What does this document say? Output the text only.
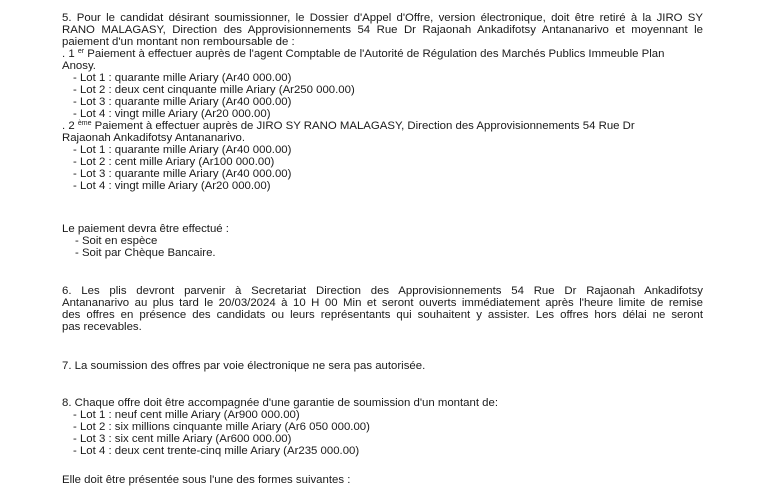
5. Pour le candidat désirant soumissionner, le Dossier d'Appel d'Offre, version électronique, doit être retiré à la JIRO SY
RANO MALAGASY, Direction des Approvisionnements 54 Rue Dr Rajaonah Ankadifotsy Antananarivo et moyennant le
paiement d'un montant non remboursable de :
. 1 $^{er}$ Paiement à effectuer auprès de l'agent Comptable de l'Autorité de Régulation des Marchés Publics Immeuble Plan
Anosy.
- Lot 1 : quarante mille Ariary (Ar40 000.00)
- Lot 2 : deux cent cinquante mille Ariary (Ar250 000.00)
- Lot 3 : quarante mille Ariary (Ar40 000.00)
- Lot 4 : vingt mille Ariary (Ar20 000.00)
. 2 $^{ème}$ Paiement à effectuer auprès de JIRO SY RANO MALAGASY, Direction des Approvisionnements 54 Rue Dr
Rajaonah Ankadifotsy Antananarivo.
- Lot 1 : quarante mille Ariary (Ar40 000.00)
- Lot 2 : cent mille Ariary (Ar100 000.00)
- Lot 3 : quarante mille Ariary (Ar40 000.00)
- Lot 4 : vingt mille Ariary (Ar20 000.00)
Le paiement devra être effectué :
- Soit en espèce
- Soit par Chèque Bancaire.
6. Les plis devront parvenir à Secretariat Direction des Approvisionnements 54 Rue Dr Rajaonah Ankadifotsy
Antananarivo au plus tard le 20/03/2024 à 10 H 00 Min et seront ouverts immédiatement après l'heure limite de remise
des offres en présence des candidats ou leurs représentants qui souhaitent y assister. Les offres hors délai ne seront
pas recevables.
7. La soumission des offres par voie électronique ne sera pas autorisée.
8. Chaque offre doit être accompagnée d'une garantie de soumission d'un montant de:
- Lot 1 : neuf cent mille Ariary (Ar900 000.00)
- Lot 2 : six millions cinquante mille Ariary (Ar6 050 000.00)
- Lot 3 : six cent mille Ariary (Ar600 000.00)
- Lot 4 : deux cent trente-cinq mille Ariary (Ar235 000.00)
Elle doit être présentée sous l'une des formes suivantes :
